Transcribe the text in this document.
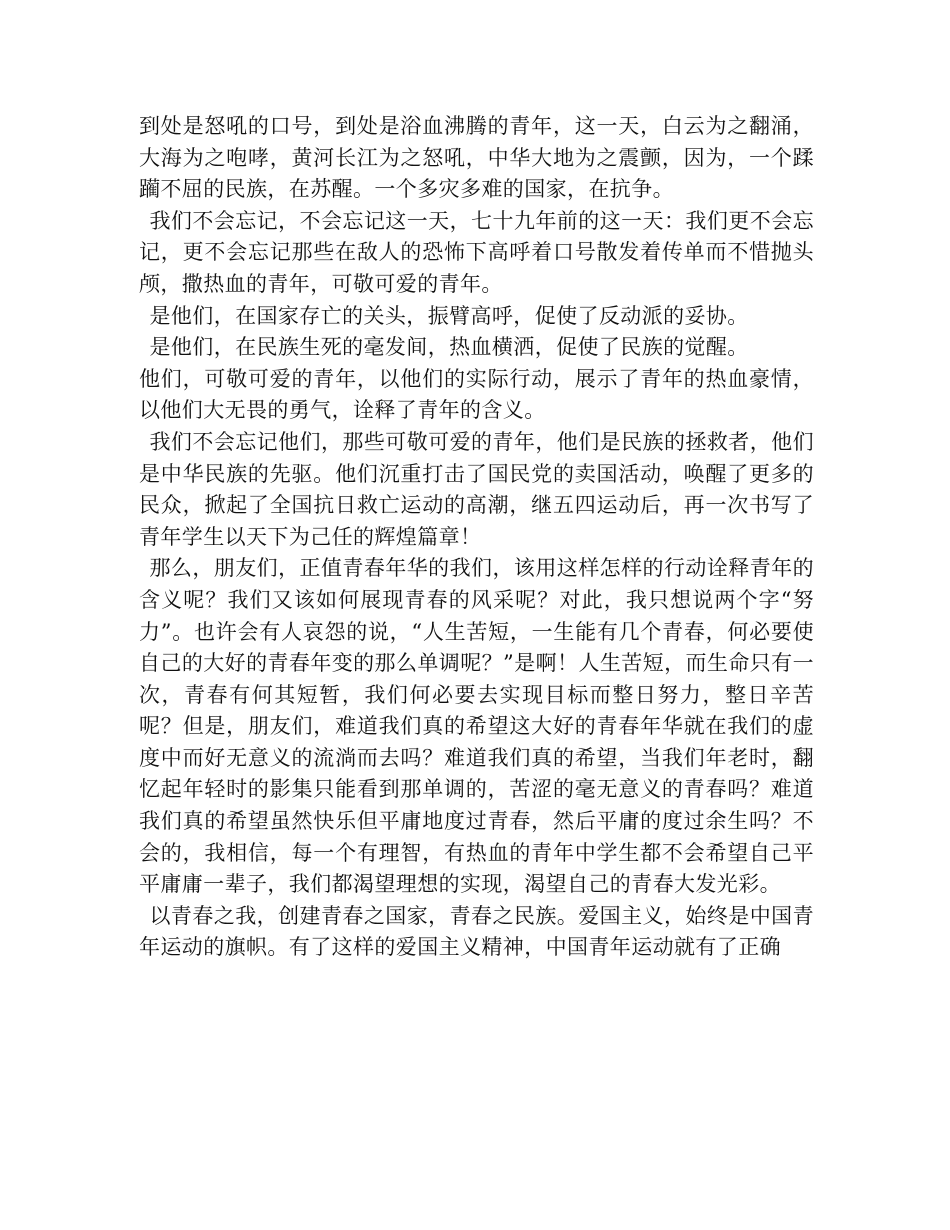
到处是怒吼的口号，到处是浴血沸腾的青年，这一天，白云为之翻涌，大海为之咆哮，黄河长江为之怒吼，中华大地为之震颤，因为，一个蹂躏不屈的民族，在苏醒。一个多灾多难的国家，在抗争。

我们不会忘记，不会忘记这一天，七十九年前的这一天：我们更不会忘记，更不会忘记那些在敌人的恐怖下高呼着口号散发着传单而不惜抛头颅，撒热血的青年，可敬可爱的青年。

是他们，在国家存亡的关头，振臂高呼，促使了反动派的妥协。

是他们，在民族生死的毫发间，热血横洒，促使了民族的觉醒。

他们，可敬可爱的青年，以他们的实际行动，展示了青年的热血豪情，以他们大无畏的勇气，诠释了青年的含义。

我们不会忘记他们，那些可敬可爱的青年，他们是民族的拯救者，他们是中华民族的先驱。他们沉重打击了国民党的卖国活动，唤醒了更多的民众，掀起了全国抗日救亡运动的高潮，继五四运动后，再一次书写了青年学生以天下为己任的辉煌篇章！

那么，朋友们，正值青春年华的我们，该用这样怎样的行动诠释青年的含义呢？我们又该如何展现青春的风采呢？对此，我只想说两个字“努力”。也许会有人哀怨的说，“人生苦短，一生能有几个青春，何必要使自己的大好的青春年变的那么单调呢？”是啊！人生苦短，而生命只有一次，青春有何其短暂，我们何必要去实现目标而整日努力，整日辛苦呢？但是，朋友们，难道我们真的希望这大好的青春年华就在我们的虚度中而好无意义的流淌而去吗？难道我们真的希望，当我们年老时，翻忆起年轻时的影集只能看到那单调的，苦涩的毫无意义的青春吗？难道我们真的希望虽然快乐但平庸地度过青春，然后平庸的度过余生吗？不会的，我相信，每一个有理智，有热血的青年中学生都不会希望自己平平庸庸一辈子，我们都渴望理想的实现，渴望自己的青春大发光彩。

以青春之我，创建青春之国家，青春之民族。爱国主义，始终是中国青年运动的旗帜。有了这样的爱国主义精神，中国青年运动就有了正确
